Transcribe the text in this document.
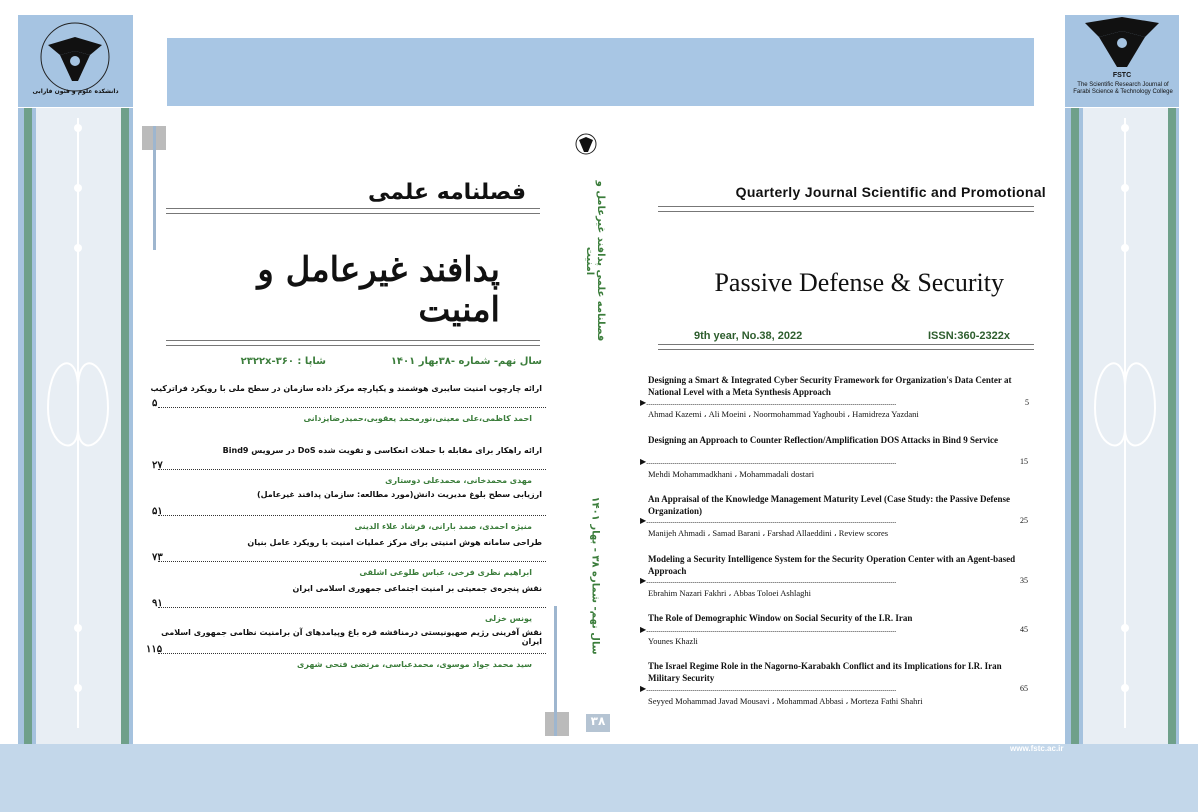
www.fstc.ac.ir
دانشکده علوم و فنون فارابی
FSTC
The Scientific Research Journal of Farabi Science & Technology College
فصلنامه علمی
پدافند غیرعامل و امنیت
سال نهم- شماره -۳۸بهار ۱۴۰۱
شاپا : ۲۳۲۲x-۳۶۰
ارائه چارچوب امنیت سایبری هوشمند و یکپارچه مرکز داده سازمان در سطح ملی با رویکرد فراترکیب
۵
احمد کاظمی،علی معینی،نورمحمد یعقوبی،حمیدرضایزدانی
ارائه راهکار برای مقابله با حملات انعکاسی و تقویت شده DoS در سرویس Bind9
۲۷
مهدی محمدخانی، محمدعلی دوستاری
ارزیابی سطح بلوغ مدیریت دانش(مورد مطالعه: سازمان پدافند غیرعامل)
۵۱
منیژه احمدی، صمد بارانی، فرشاد علاء الدینی
طراحی سامانه هوش امنیتی برای مرکز عملیات امنیت با رویکرد عامل بنیان
۷۳
ابراهیم نظری فرخی، عباس طلوعی اشلقی
نقش پنجره‌ی جمعیتی بر امنیت اجتماعی جمهوری اسلامی ایران
۹۱
یونس خزلی
نقش آفرینی رژیم صهیونیستی درمناقشه قره باغ وپیامدهای آن برامنیت نظامی جمهوری اسلامی ایران
۱۱۵
سید محمد جواد موسوی، محمدعباسی، مرتضی فتحی شهری
فصلنامه علمی پدافند غیرعامل و امنیت
سال نهم- شماره ۳۸ - بهار ۱۴۰۱
۳۸
Quarterly Journal Scientific and Promotional
Passive Defense & Security
9th year, No.38, 2022	ISSN:360-2322x
Designing a Smart & Integrated Cyber Security Framework for Organization's Data Center at National Level with a Meta Synthesis Approach
▶.............................................................................................................................	5
Ahmad Kazemi ، Ali Moeini ، Noormohammad Yaghoubi ، Hamidreza Yazdani
Designing an Approach to Counter Reflection/Amplification DOS Attacks in Bind 9 Service
▶.............................................................................................................................	15
Mehdi Mohammadkhani ، Mohammadali dostari
An Appraisal of the Knowledge Management Maturity Level (Case Study: the Passive Defense Organization)
▶.............................................................................................................................	25
Manijeh Ahmadi ، Samad Barani ، Farshad Allaeddini ، Review scores
Modeling a Security Intelligence System for the Security Operation Center with an Agent-based Approach
▶.............................................................................................................................	35
Ebrahim Nazari Fakhri ، Abbas Toloei Ashlaghi
The Role of Demographic Window on Social Security of the I.R. Iran
▶.............................................................................................................................	45
Younes Khazli
The Israel Regime Role in the Nagorno-Karabakh Conflict and its Implications for I.R. Iran Military Security
▶.............................................................................................................................	65
Seyyed Mohammad Javad Mousavi ، Mohammad Abbasi ، Morteza Fathi Shahri
